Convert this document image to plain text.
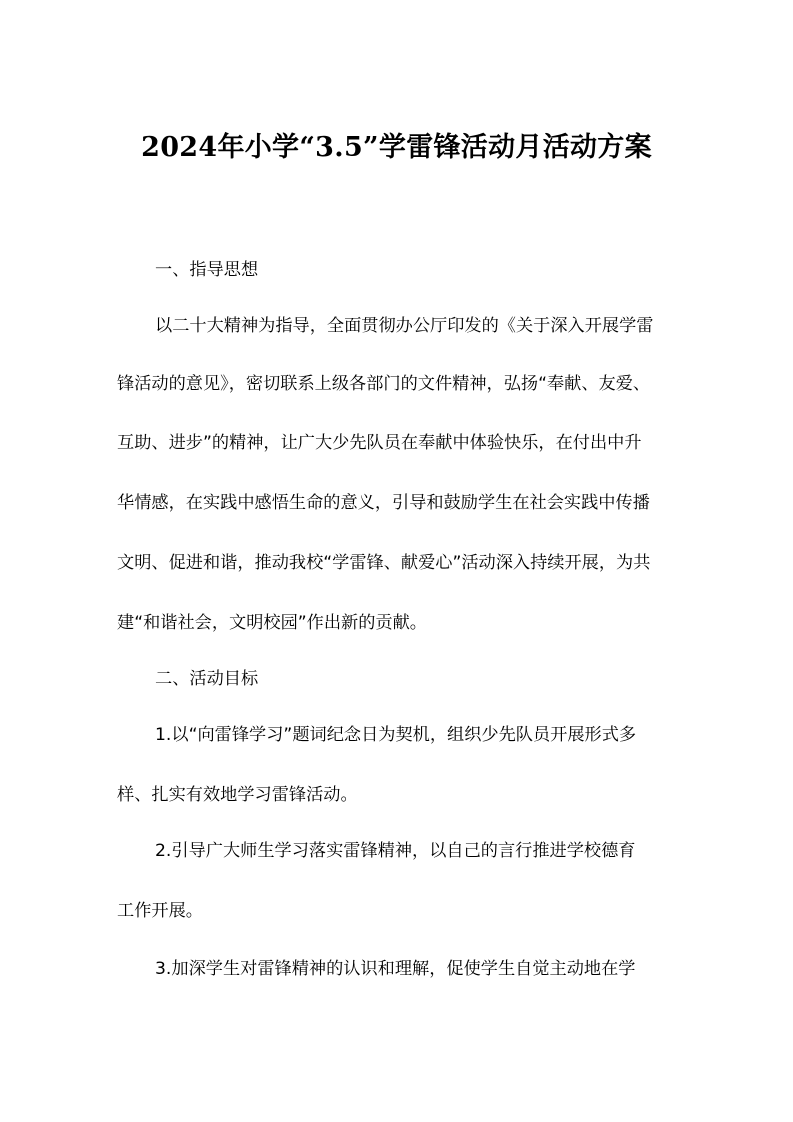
2024年小学“3.5”学雷锋活动月活动方案
一、指导思想
以二十大精神为指导，全面贯彻办公厅印发的《关于深入开展学雷
锋活动的意见》，密切联系上级各部门的文件精神，弘扬“奉献、友爱、
互助、进步”的精神，让广大少先队员在奉献中体验快乐，在付出中升
华情感，在实践中感悟生命的意义，引导和鼓励学生在社会实践中传播
文明、促进和谐，推动我校“学雷锋、献爱心”活动深入持续开展，为共
建“和谐社会，文明校园”作出新的贡献。
二、活动目标
1.以“向雷锋学习”题词纪念日为契机，组织少先队员开展形式多
样、扎实有效地学习雷锋活动。
2.引导广大师生学习落实雷锋精神，以自己的言行推进学校德育
工作开展。
3.加深学生对雷锋精神的认识和理解，促使学生自觉主动地在学
